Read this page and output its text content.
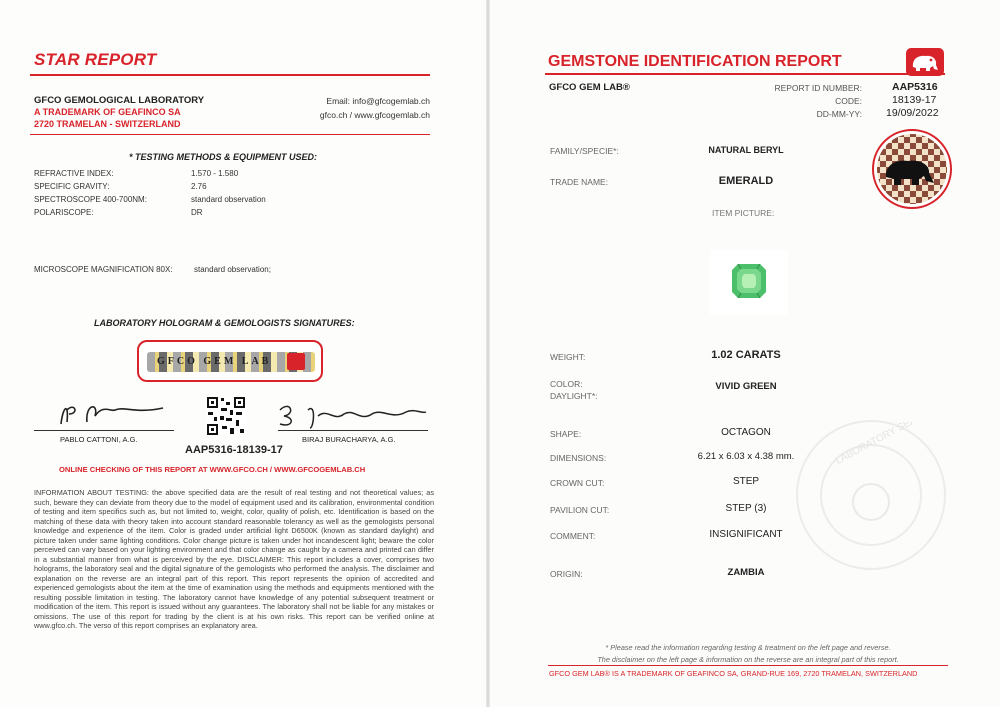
STAR REPORT
GFCO GEMOLOGICAL LABORATORY
A TRADEMARK OF GEAFINCO SA
2720 TRAMELAN - SWITZERLAND
Email: info@gfcogemlab.ch
gfco.ch / www.gfcogemlab.ch
* TESTING METHODS & EQUIPMENT USED:
REFRACTIVE INDEX:	1.570 - 1.580
SPECIFIC GRAVITY:	2.76
SPECTROSCOPE 400-700NM:	standard observation
POLARISCOPE:	DR
MICROSCOPE MAGNIFICATION 80X:	standard observation;
LABORATORY HOLOGRAM & GEMOLOGISTS SIGNATURES:
GFCO GEM LAB
PABLO CATTONI, A.G.	BIRAJ BURACHARYA, A.G.
AAP5316-18139-17
ONLINE CHECKING OF THIS REPORT AT WWW.GFCO.CH / WWW.GFCOGEMLAB.CH
INFORMATION ABOUT TESTING: the above specified data are the result of real testing and not theoretical values; as such, beware they can deviate from theory due to the model of equipment used and its calibration, environmental condition of testing and item specifics such as, but not limited to, weight, color, quality of polish, etc. Identification is based on the matching of these data with theory taken into account standard reasonable tolerancy as well as the gemologists personal knowledge and experience of the item. Color is graded under artificial light D6500K (known as standard daylight) and picture taken under same lighting conditions. Color change picture is taken under hot incandescent light; beware the color perceived can vary based on your lighting environment and that color change as caught by a camera and printed can differ in a substantial manner from what is perceived by the eye. DISCLAIMER: This report includes a cover, comprises two holograms, the laboratory seal and the digital signature of the gemologists who performed the analysis. The disclaimer and explanation on the reverse are an integral part of this report. This report represents the opinion of accredited and experienced gemologists about the item at the time of examination using the methods and equipments mentioned with the resulting possible limitation in testing. The laboratory cannot have knowledge of any potential subsequent treatment or modification of the item. This report is issued without any guarantees. The laboratory shall not be liable for any mistakes or omissions. The use of this report for trading by the client is at his own risks. This report can be verified online at www.gfco.ch. The verso of this report comprises an explanatory area.
GEMSTONE IDENTIFICATION REPORT
GFCO GEM LAB®	REPORT ID NUMBER:	AAP5316
CODE:	18139-17
DD-MM-YY: 19/09/2022
FAMILY/SPECIE*:	NATURAL BERYL
TRADE NAME:	EMERALD
ITEM PICTURE:
WEIGHT:	1.02 CARATS
COLOR:
DAYLIGHT*:
VIVID GREEN
SHAPE:	OCTAGON
DIMENSIONS:	6.21 x 6.03 x 4.38 mm.
CROWN CUT:	STEP
PAVILION CUT:	STEP (3)
COMMENT:	INSIGNIFICANT
ORIGIN:	ZAMBIA
LABORATORY SEAL
* Please read the information regarding testing & treatment on the left page and reverse.
The disclaimer on the left page & information on the reverse are an integral part of this report.
GFCO GEM LAB® IS A TRADEMARK OF GEAFINCO SA, GRAND-RUE 169, 2720 TRAMELAN, SWITZERLAND
